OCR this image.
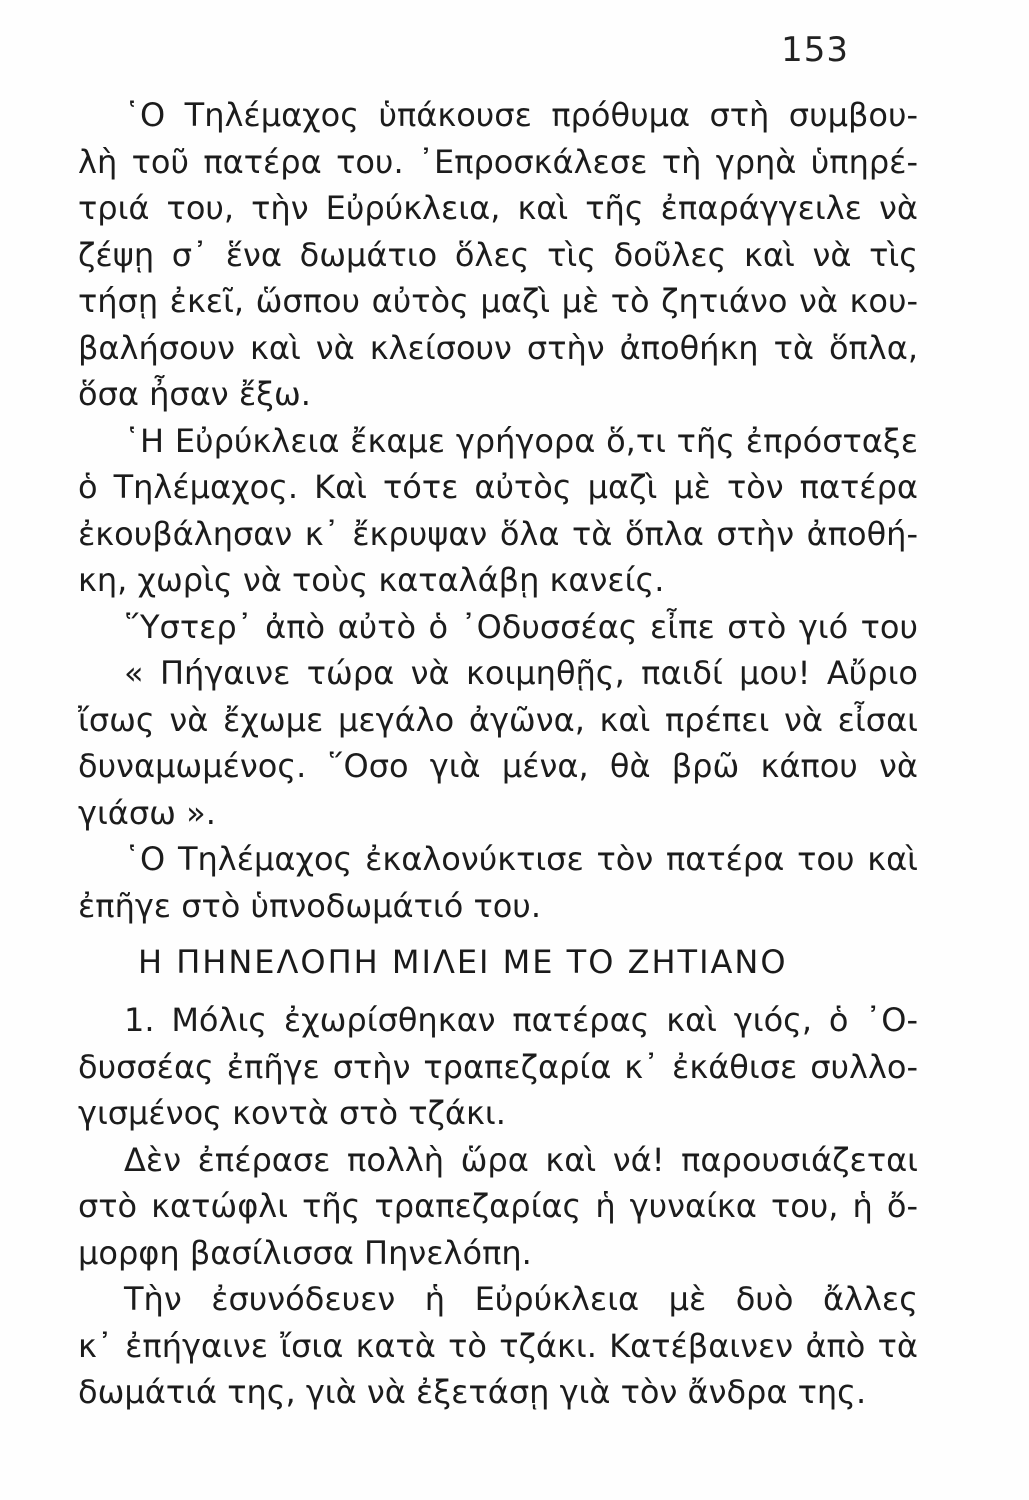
153
῾Ο Τηλέμαχος ὑπάκουσε πρόθυμα στὴ συμβου-
λὴ τοῦ πατέρα του. ᾿Επροσκάλεσε τὴ γρηὰ ὑπηρέ-
τριά του, τὴν Εὐρύκλεια, καὶ τῆς ἐπαράγγειλε νὰ
ζέψῃ σ᾿ ἕνα δωμάτιο ὅλες τὶς δοῦλες καὶ νὰ τὶς
τήσῃ ἐκεῖ, ὥσπου αὐτὸς μαζὶ μὲ τὸ ζητιάνο νὰ κου-
βαλήσουν καὶ νὰ κλείσουν στὴν ἀποθήκη τὰ ὅπλα,
ὅσα ἦσαν ἔξω.
῾Η Εὐρύκλεια ἔκαμε γρήγορα ὅ,τι τῆς ἐπρόσταξε
ὁ Τηλέμαχος. Καὶ τότε αὐτὸς μαζὶ μὲ τὸν πατέρα
ἐκουβάλησαν κ᾿ ἔκρυψαν ὅλα τὰ ὅπλα στὴν ἀποθή-
κη, χωρὶς νὰ τοὺς καταλάβῃ κανείς.
῞Υστερ᾿ ἀπὸ αὐτὸ ὁ ᾿Οδυσσέας εἶπε στὸ γιό του
« Πήγαινε τώρα νὰ κοιμηθῇς, παιδί μου! Αὔριο
ἴσως νὰ ἔχωμε μεγάλο ἀγῶνα, καὶ πρέπει νὰ εἶσαι
δυναμωμένος. ῞Οσο γιὰ μένα, θὰ βρῶ κάπου νὰ
γιάσω ».
῾Ο Τηλέμαχος ἐκαλονύκτισε τὸν πατέρα του καὶ
ἐπῆγε στὸ ὑπνοδωμάτιό του.
Η ΠΗΝΕΛΟΠΗ ΜΙΛΕΙ ΜΕ ΤΟ ΖΗΤΙΑΝΟ
1. Μόλις ἐχωρίσθηκαν πατέρας καὶ γιός, ὁ ᾿Ο-
δυσσέας ἐπῆγε στὴν τραπεζαρία κ᾿ ἐκάθισε συλλο-
γισμένος κοντὰ στὸ τζάκι.
Δὲν ἐπέρασε πολλὴ ὥρα καὶ νά! παρουσιάζεται
στὸ κατώφλι τῆς τραπεζαρίας ἡ γυναίκα του, ἡ ὄ-
μορφη βασίλισσα Πηνελόπη.
Τὴν ἐσυνόδευεν ἡ Εὐρύκλεια μὲ δυὸ ἄλλες
κ᾿ ἐπήγαινε ἴσια κατὰ τὸ τζάκι. Κατέβαινεν ἀπὸ τὰ
δωμάτιά της, γιὰ νὰ ἐξετάσῃ γιὰ τὸν ἄνδρα της.
